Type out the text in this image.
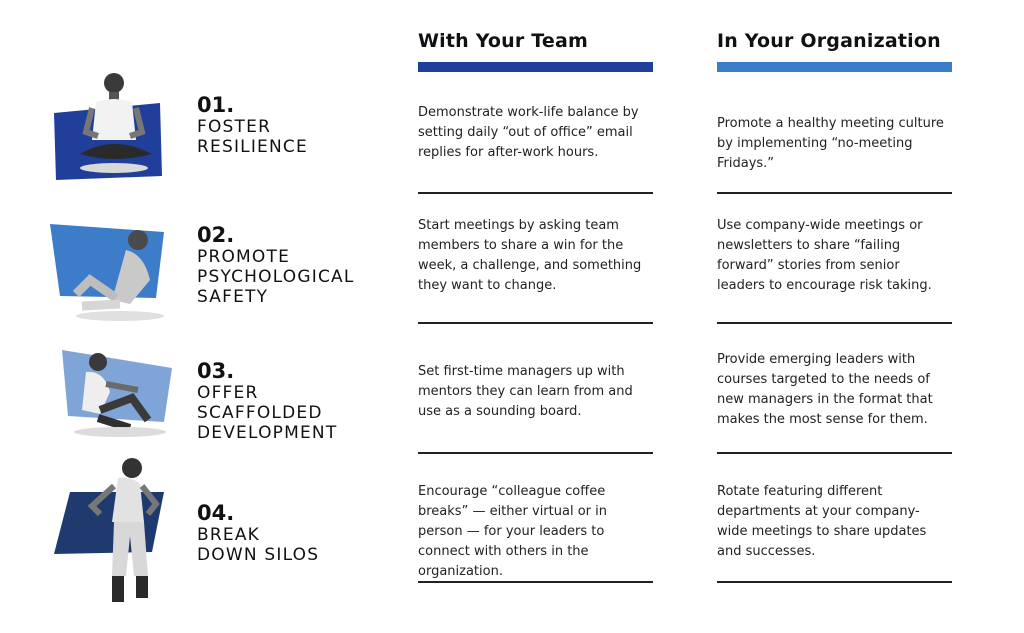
With Your Team	In Your Organization
01.
FOSTER
RESILIENCE
Demonstrate work-life balance by setting daily “out of office” email replies for after-work hours.
Promote a healthy meeting culture by implementing “no-meeting Fridays.”
02.
PROMOTE
PSYCHOLOGICAL
SAFETY
Start meetings by asking team members to share a win for the week, a challenge, and something they want to change.
Use company-wide meetings or newsletters to share “failing forward” stories from senior leaders to encourage risk taking.
03.
OFFER
SCAFFOLDED
DEVELOPMENT
Set first-time managers up with mentors they can learn from and use as a sounding board.
Provide emerging leaders with courses targeted to the needs of new managers in the format that makes the most sense for them.
04.
BREAK
DOWN SILOS
Encourage “colleague coffee breaks” — either virtual or in person — for your leaders to connect with others in the organization.
Rotate featuring different departments at your company-wide meetings to share updates and successes.
